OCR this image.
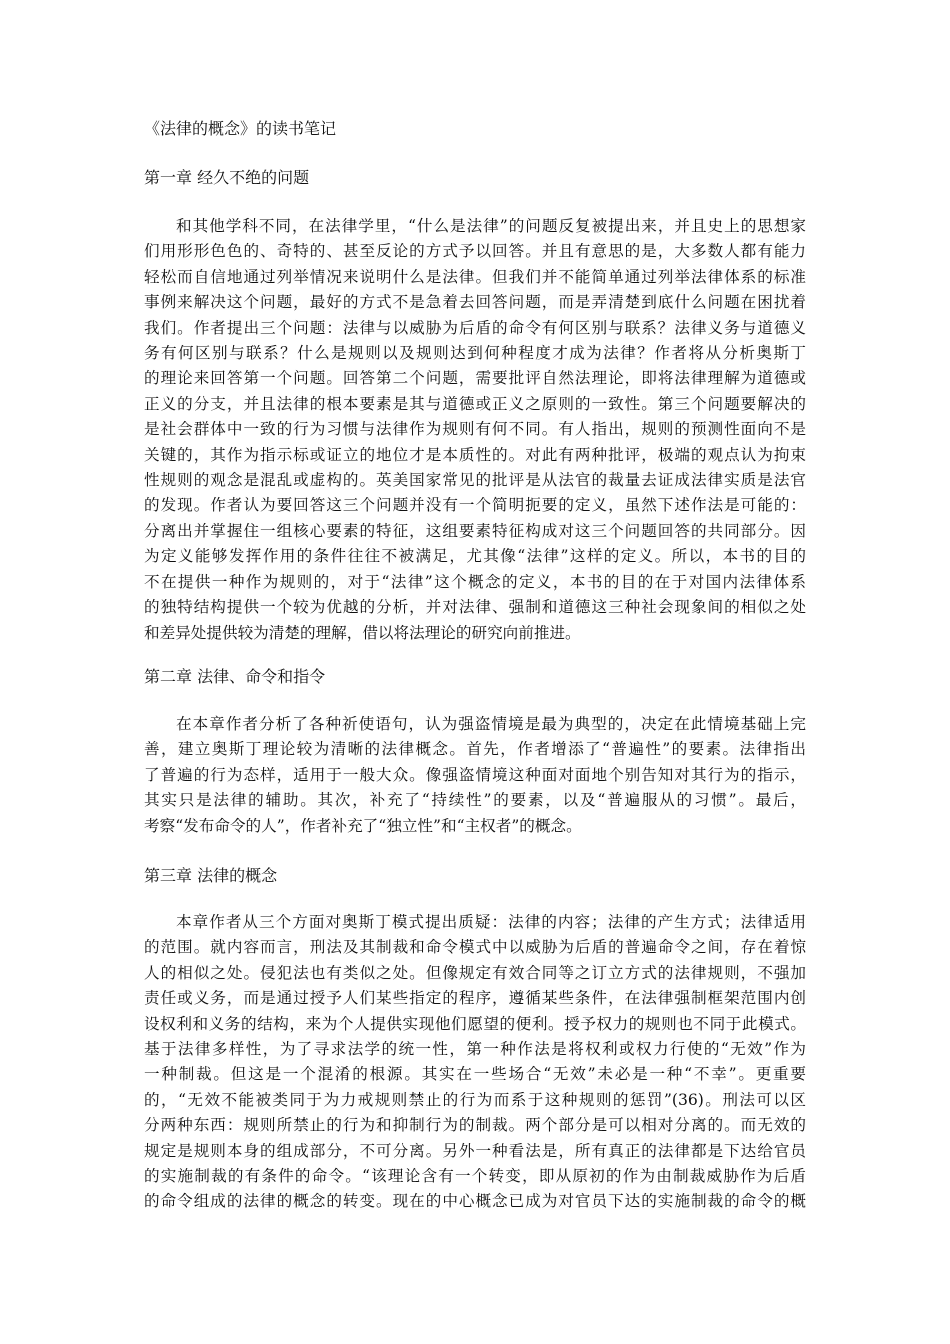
《法律的概念》的读书笔记
第一章 经久不绝的问题
和其他学科不同，在法律学里，“什么是法律”的问题反复被提出来，并且史上的思想家
们用形形色色的、奇特的、甚至反论的方式予以回答。并且有意思的是，大多数人都有能力
轻松而自信地通过列举情况来说明什么是法律。但我们并不能简单通过列举法律体系的标准
事例来解决这个问题，最好的方式不是急着去回答问题，而是弄清楚到底什么问题在困扰着
我们。作者提出三个问题：法律与以威胁为后盾的命令有何区别与联系？法律义务与道德义
务有何区别与联系？什么是规则以及规则达到何种程度才成为法律？作者将从分析奥斯丁
的理论来回答第一个问题。回答第二个问题，需要批评自然法理论，即将法律理解为道德或
正义的分支，并且法律的根本要素是其与道德或正义之原则的一致性。第三个问题要解决的
是社会群体中一致的行为习惯与法律作为规则有何不同。有人指出，规则的预测性面向不是
关键的，其作为指示标或证立的地位才是本质性的。对此有两种批评，极端的观点认为拘束
性规则的观念是混乱或虚构的。英美国家常见的批评是从法官的裁量去证成法律实质是法官
的发现。作者认为要回答这三个问题并没有一个简明扼要的定义，虽然下述作法是可能的：
分离出并掌握住一组核心要素的特征，这组要素特征构成对这三个问题回答的共同部分。因
为定义能够发挥作用的条件往往不被满足，尤其像“法律”这样的定义。所以，本书的目的
不在提供一种作为规则的，对于“法律”这个概念的定义，本书的目的在于对国内法律体系
的独特结构提供一个较为优越的分析，并对法律、强制和道德这三种社会现象间的相似之处
和差异处提供较为清楚的理解，借以将法理论的研究向前推进。
第二章 法律、命令和指令
在本章作者分析了各种祈使语句，认为强盗情境是最为典型的，决定在此情境基础上完
善，建立奥斯丁理论较为清晰的法律概念。首先，作者增添了“普遍性”的要素。法律指出
了普遍的行为态样，适用于一般大众。像强盗情境这种面对面地个别告知对其行为的指示，
其实只是法律的辅助。其次，补充了“持续性”的要素，以及“普遍服从的习惯”。最后，
考察“发布命令的人”，作者补充了“独立性”和“主权者”的概念。
第三章 法律的概念
本章作者从三个方面对奥斯丁模式提出质疑：法律的内容；法律的产生方式；法律适用
的范围。就内容而言，刑法及其制裁和命令模式中以威胁为后盾的普遍命令之间，存在着惊
人的相似之处。侵犯法也有类似之处。但像规定有效合同等之订立方式的法律规则，不强加
责任或义务，而是通过授予人们某些指定的程序，遵循某些条件，在法律强制框架范围内创
设权利和义务的结构，来为个人提供实现他们愿望的便利。授予权力的规则也不同于此模式。
基于法律多样性，为了寻求法学的统一性，第一种作法是将权利或权力行使的“无效”作为
一种制裁。但这是一个混淆的根源。其实在一些场合“无效”未必是一种“不幸”。更重要
的，“无效不能被类同于为力戒规则禁止的行为而系于这种规则的惩罚”(36)。刑法可以区
分两种东西：规则所禁止的行为和抑制行为的制裁。两个部分是可以相对分离的。而无效的
规定是规则本身的组成部分，不可分离。另外一种看法是，所有真正的法律都是下达给官员
的实施制裁的有条件的命令。“该理论含有一个转变，即从原初的作为由制裁威胁作为后盾
的命令组成的法律的概念的转变。现在的中心概念已成为对官员下达的实施制裁的命令的概
